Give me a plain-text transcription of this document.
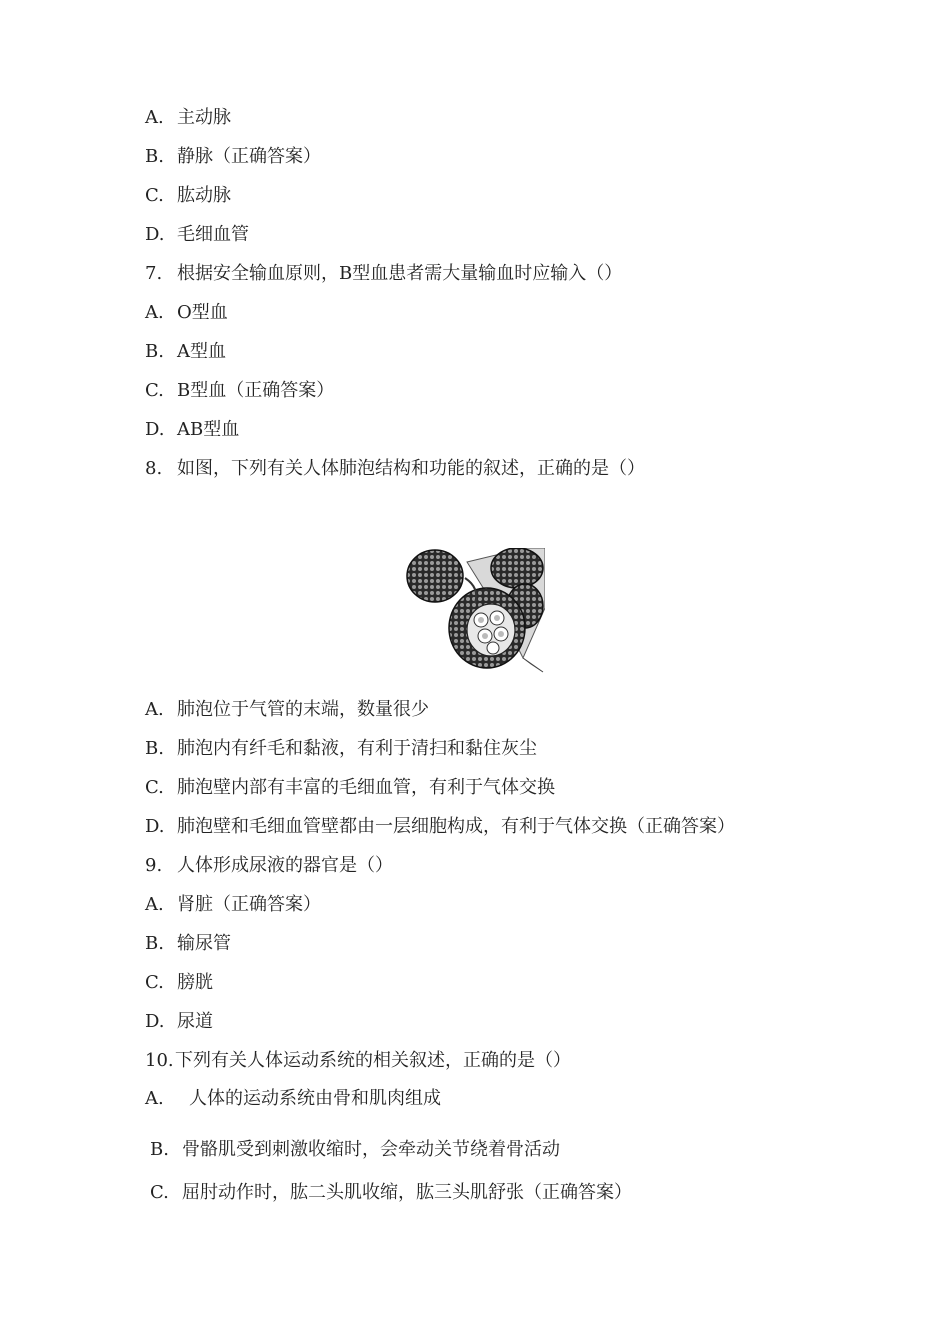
A. 主动脉
B. 静脉（正确答案）
C. 肱动脉
D. 毛细血管
7. 根据安全输血原则，B型血患者需大量输血时应输入（）
A. O型血
B. A型血
C. B型血（正确答案）
D. AB型血
8. 如图，下列有关人体肺泡结构和功能的叙述，正确的是（）
A. 肺泡位于气管的末端，数量很少
B. 肺泡内有纤毛和黏液，有利于清扫和黏住灰尘
C. 肺泡壁内部有丰富的毛细血管，有利于气体交换
D. 肺泡壁和毛细血管壁都由一层细胞构成，有利于气体交换（正确答案）
9. 人体形成尿液的器官是（）
A. 肾脏（正确答案）
B. 输尿管
C. 膀胱
D. 尿道
10.下列有关人体运动系统的相关叙述，正确的是（）
A. 人体的运动系统由骨和肌肉组成
B. 骨骼肌受到刺激收缩时，会牵动关节绕着骨活动
C. 屈肘动作时，肱二头肌收缩，肱三头肌舒张（正确答案）
